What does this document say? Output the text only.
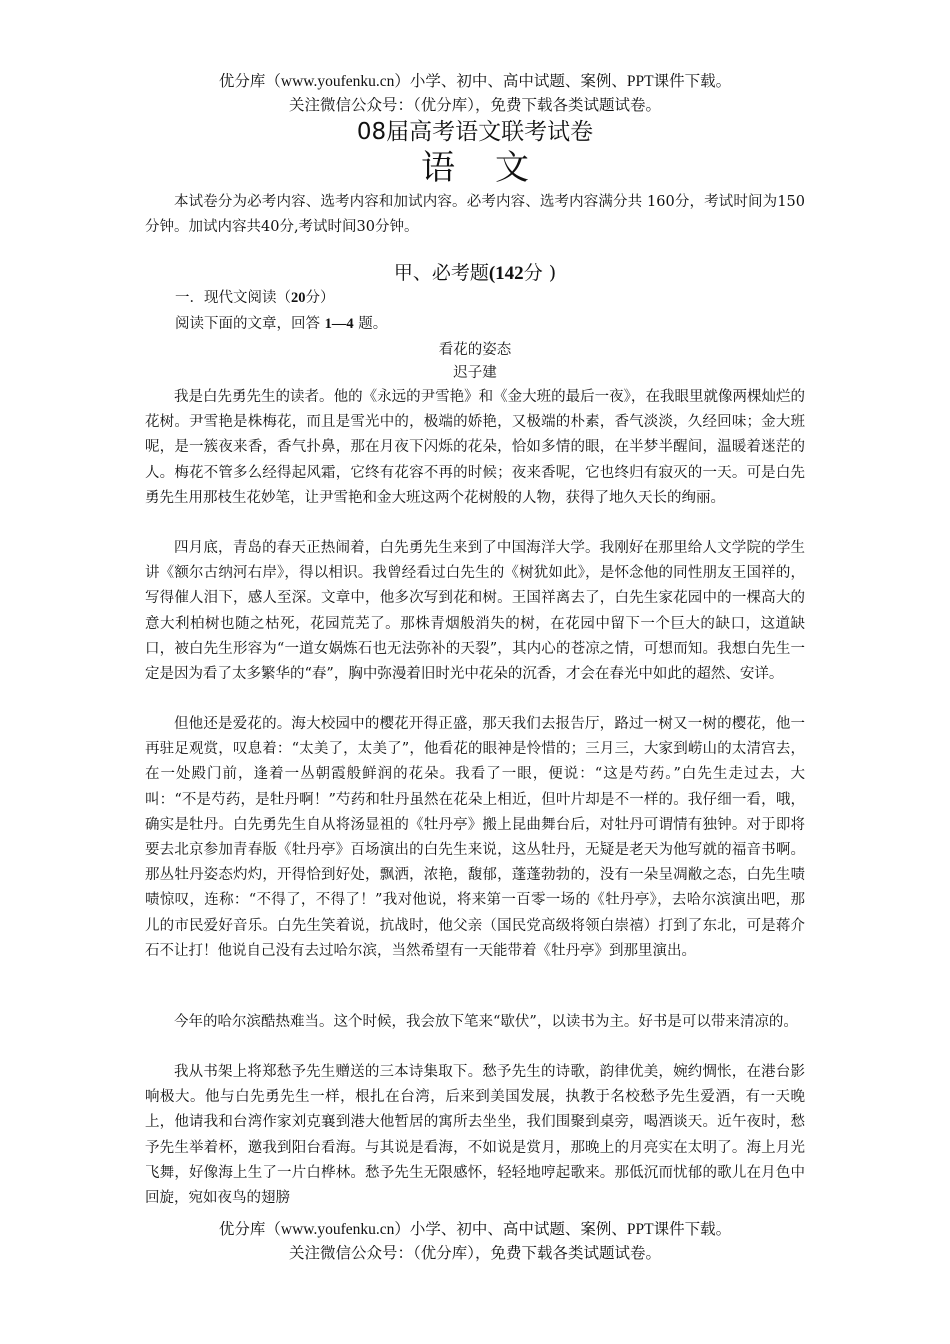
优分库（www.youfenku.cn）小学、初中、高中试题、案例、PPT课件下载。
关注微信公众号：（优分库），免费下载各类试题试卷。
08届高考语文联考试卷
语文
本试卷分为必考内容、选考内容和加试内容。必考内容、选考内容满分共 160分，考试时间为150分钟。加试内容共40分,考试时间30分钟。
甲、必考题(142分 )
一．现代文阅读（20分）
阅读下面的文章，回答 1—4 题。
看花的姿态
迟子建
我是白先勇先生的读者。他的《永远的尹雪艳》和《金大班的最后一夜》，在我眼里就像两棵灿烂的花树。尹雪艳是株梅花，而且是雪光中的，极端的娇艳，又极端的朴素，香气淡淡，久经回味；金大班呢，是一簇夜来香，香气扑鼻，那在月夜下闪烁的花朵，恰如多情的眼，在半梦半醒间，温暖着迷茫的人。梅花不管多么经得起风霜，它终有花容不再的时候；夜来香呢，它也终归有寂灭的一天。可是白先勇先生用那枝生花妙笔，让尹雪艳和金大班这两个花树般的人物，获得了地久天长的绚丽。
四月底，青岛的春天正热闹着，白先勇先生来到了中国海洋大学。我刚好在那里给人文学院的学生讲《额尔古纳河右岸》，得以相识。我曾经看过白先生的《树犹如此》，是怀念他的同性朋友王国祥的，写得催人泪下，感人至深。文章中，他多次写到花和树。王国祥离去了，白先生家花园中的一棵高大的意大利柏树也随之枯死，花园荒芜了。那株青烟般消失的树，在花园中留下一个巨大的缺口，这道缺口，被白先生形容为“一道女娲炼石也无法弥补的天裂”，其内心的苍凉之情，可想而知。我想白先生一定是因为看了太多繁华的“春”，胸中弥漫着旧时光中花朵的沉香，才会在春光中如此的超然、安详。
但他还是爱花的。海大校园中的樱花开得正盛，那天我们去报告厅，路过一树又一树的樱花，他一再驻足观赏，叹息着：“太美了，太美了”，他看花的眼神是怜惜的；三月三，大家到崂山的太清宫去，在一处殿门前，逢着一丛朝霞般鲜润的花朵。我看了一眼，便说：“这是芍药。”白先生走过去，大叫：“不是芍药，是牡丹啊！”芍药和牡丹虽然在花朵上相近，但叶片却是不一样的。我仔细一看，哦，确实是牡丹。白先勇先生自从将汤显祖的《牡丹亭》搬上昆曲舞台后，对牡丹可谓情有独钟。对于即将要去北京参加青春版《牡丹亭》百场演出的白先生来说，这丛牡丹，无疑是老天为他写就的福音书啊。那丛牡丹姿态灼灼，开得恰到好处，飘洒，浓艳，馥郁，蓬蓬勃勃的，没有一朵呈凋敝之态，白先生啧啧惊叹，连称：“不得了，不得了！”我对他说，将来第一百零一场的《牡丹亭》，去哈尔滨演出吧，那儿的市民爱好音乐。白先生笑着说，抗战时，他父亲（国民党高级将领白崇禧）打到了东北，可是蒋介石不让打！他说自己没有去过哈尔滨，当然希望有一天能带着《牡丹亭》到那里演出。
今年的哈尔滨酷热难当。这个时候，我会放下笔来“歇伏”，以读书为主。好书是可以带来清凉的。
我从书架上将郑愁予先生赠送的三本诗集取下。愁予先生的诗歌，韵律优美，婉约惆怅，在港台影响极大。他与白先勇先生一样，根扎在台湾，后来到美国发展，执教于名校愁予先生爱酒，有一天晚上，他请我和台湾作家刘克襄到港大他暂居的寓所去坐坐，我们围聚到桌旁，喝酒谈天。近午夜时，愁予先生举着杯，邀我到阳台看海。与其说是看海，不如说是赏月，那晚上的月亮实在太明了。海上月光飞舞，好像海上生了一片白桦林。愁予先生无限感怀，轻轻地哼起歌来。那低沉而忧郁的歌儿在月色中回旋，宛如夜鸟的翅膀
优分库（www.youfenku.cn）小学、初中、高中试题、案例、PPT课件下载。
关注微信公众号：（优分库），免费下载各类试题试卷。
